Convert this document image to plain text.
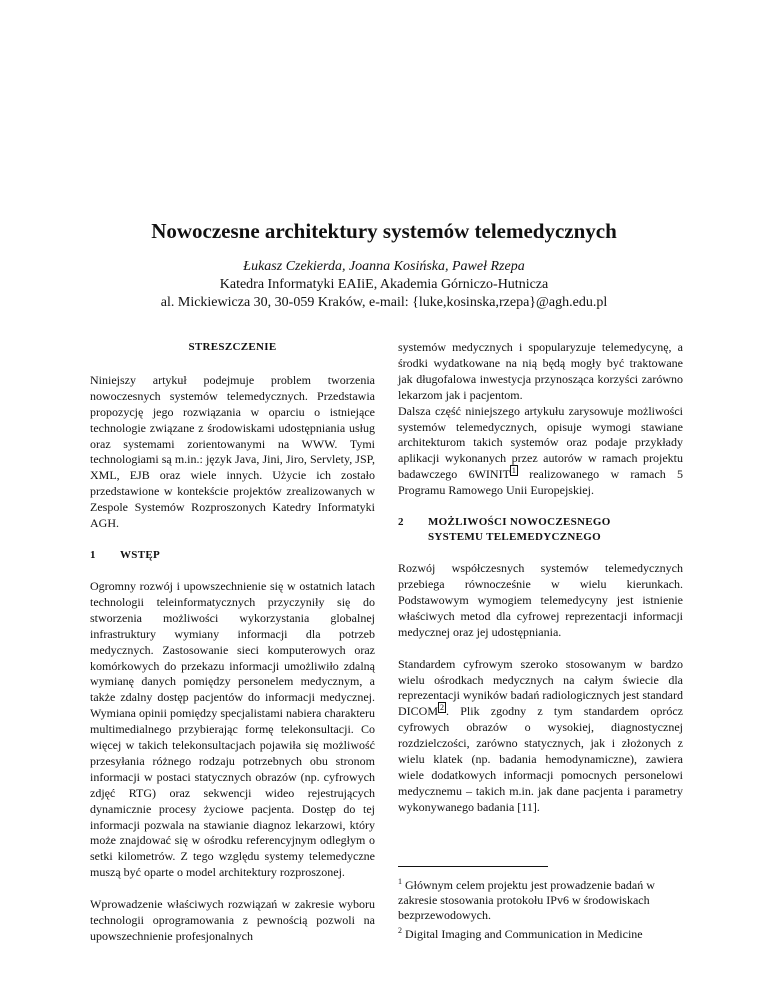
Nowoczesne architektury systemów telemedycznych
Łukasz Czekierda, Joanna Kosińska, Paweł Rzepa
Katedra Informatyki EAIiE, Akademia Górniczo-Hutnicza
al. Mickiewicza 30, 30-059 Kraków, e-mail: {luke,kosinska,rzepa}@agh.edu.pl
STRESZCZENIE

Niniejszy artykuł podejmuje problem tworzenia nowoczesnych systemów telemedycznych. Przedstawia propozycję jego rozwiązania w oparciu o istniejące technologie związane z środowiskami udostępniania usług oraz systemami zorientowanymi na WWW. Tymi technologiami są m.in.: język Java, Jini, Jiro, Servlety, JSP, XML, EJB oraz wiele innych. Użycie ich zostało przedstawione w kontekście projektów zrealizowanych w Zespole Systemów Rozproszonych Katedry Informatyki AGH.

1	WSTĘP

Ogromny rozwój i upowszechnienie się w ostatnich latach technologii teleinformatycznych przyczyniły się do stworzenia możliwości wykorzystania globalnej infrastruktury wymiany informacji dla potrzeb medycznych. Zastosowanie sieci komputerowych oraz komórkowych do przekazu informacji umożliwiło zdalną wymianę danych pomiędzy personelem medycznym, a także zdalny dostęp pacjentów do informacji medycznej. Wymiana opinii pomiędzy specjalistami nabiera charakteru multimedialnego przybierając formę telekonsultacji. Co więcej w takich telekonsultacjach pojawiła się możliwość przesyłania różnego rodzaju potrzebnych obu stronom informacji w postaci statycznych obrazów (np. cyfrowych zdjęć RTG) oraz sekwencji wideo rejestrujących dynamicznie procesy życiowe pacjenta. Dostęp do tej informacji pozwala na stawianie diagnoz lekarzowi, który może znajdować się w ośrodku referencyjnym odległym o setki kilometrów. Z tego względu systemy telemedyczne muszą być oparte o model architektury rozproszonej.

Wprowadzenie właściwych rozwiązań w zakresie wyboru technologii oprogramowania z pewnością pozwoli na upowszechnienie profesjonalnych

systemów medycznych i spopularyzuje telemedycynę, a środki wydatkowane na nią będą mogły być traktowane jak długofalowa inwestycja przynosząca korzyści zarówno lekarzom jak i pacjentom.

Dalsza część niniejszego artykułu zarysowuje możliwości systemów telemedycznych, opisuje wymogi stawiane architekturom takich systemów oraz podaje przykłady aplikacji wykonanych przez autorów w ramach projektu badawczego 6WINIT $^1$ realizowanego w ramach 5 Programu Ramowego Unii Europejskiej.

2	MOŻLIWOŚCI NOWOCZESNEGO
SYSTEMU TELEMEDYCZNEGO

Rozwój współczesnych systemów telemedycznych przebiega równocześnie w wielu kierunkach. Podstawowym wymogiem telemedycyny jest istnienie właściwych metod dla cyfrowej reprezentacji informacji medycznej oraz jej udostępniania.

Standardem cyfrowym szeroko stosowanym w bardzo wielu ośrodkach medycznych na całym świecie dla reprezentacji wyników badań radiologicznych jest standard DICOM $^2$ . Plik zgodny z tym standardem oprócz cyfrowych obrazów o wysokiej, diagnostycznej rozdzielczości, zarówno statycznych, jak i złożonych z wielu klatek (np. badania hemodynamiczne), zawiera wiele dodatkowych informacji pomocnych personelowi medycznemu – takich m.in. jak dane pacjenta i parametry wykonywanego badania [11].

$^1$ Głównym celem projektu jest prowadzenie badań w zakresie stosowania protokołu IPv6 w środowiskach bezprzewodowych.

$^2$ Digital Imaging and Communication in Medicine
